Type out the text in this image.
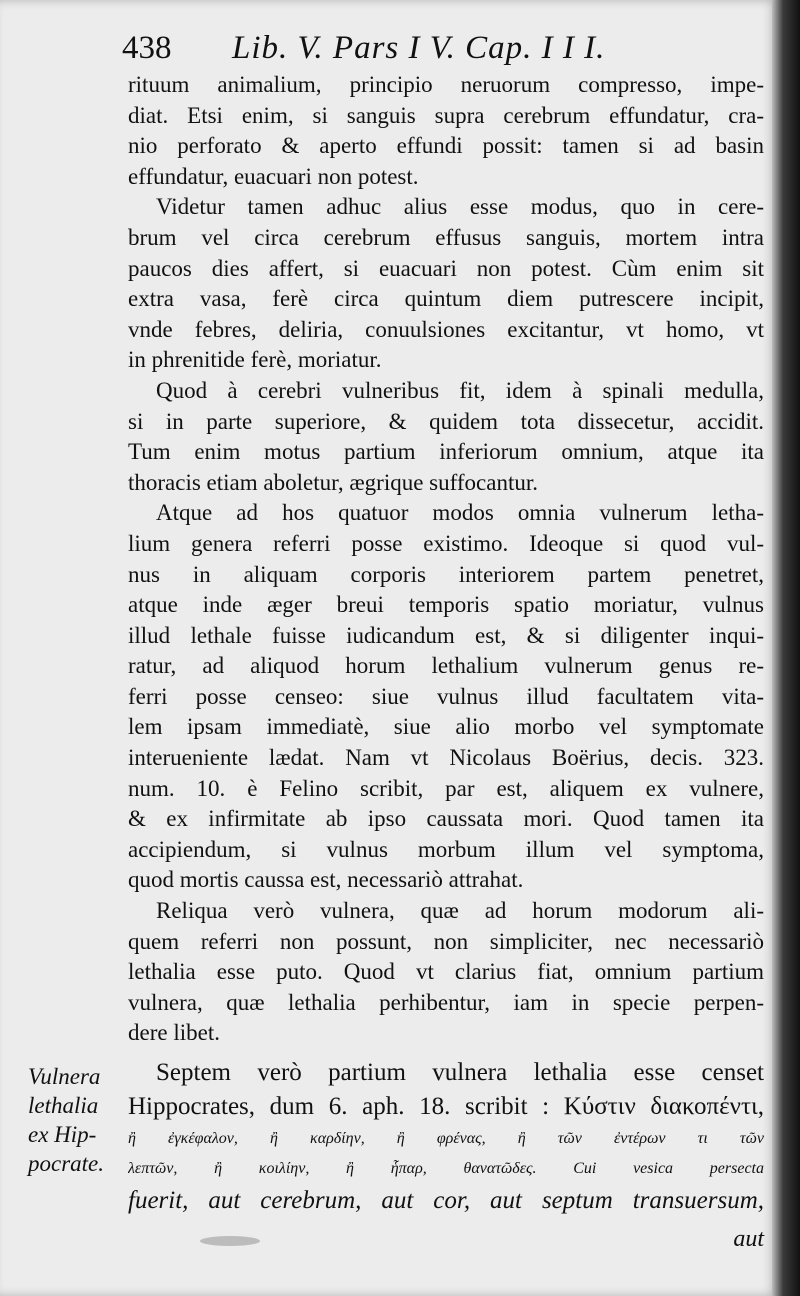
438 Lib. V. Pars I V. Cap. I I I.
rituum animalium, principio neruorum compresso, impe-
diat. Etsi enim, si sanguis supra cerebrum effundatur, cra-
nio perforato & aperto effundi possit: tamen si ad basin
effundatur, euacuari non potest.
Videtur tamen adhuc alius esse modus, quo in cere-
brum vel circa cerebrum effusus sanguis, mortem intra
paucos dies affert, si euacuari non potest. Cùm enim sit
extra vasa, ferè circa quintum diem putrescere incipit,
vnde febres, deliria, conuulsiones excitantur, vt homo, vt
in phrenitide ferè, moriatur.
Quod à cerebri vulneribus fit, idem à spinali medulla,
si in parte superiore, & quidem tota dissecetur, accidit.
Tum enim motus partium inferiorum omnium, atque ita
thoracis etiam aboletur, ægrique suffocantur.
Atque ad hos quatuor modos omnia vulnerum letha-
lium genera referri posse existimo. Ideoque si quod vul-
nus in aliquam corporis interiorem partem penetret,
atque inde æger breui temporis spatio moriatur, vulnus
illud lethale fuisse iudicandum est, & si diligenter inqui-
ratur, ad aliquod horum lethalium vulnerum genus re-
ferri posse censeo: siue vulnus illud facultatem vita-
lem ipsam immediatè, siue alio morbo vel symptomate
interueniente lædat. Nam vt Nicolaus Boërius, decis. 323.
num. 10. è Felino scribit, par est, aliquem ex vulnere,
& ex infirmitate ab ipso caussata mori. Quod tamen ita
accipiendum, si vulnus morbum illum vel symptoma,
quod mortis caussa est, necessariò attrahat.
Reliqua verò vulnera, quæ ad horum modorum ali-
quem referri non possunt, non simpliciter, nec necessariò
lethalia esse puto. Quod vt clarius fiat, omnium partium
vulnera, quæ lethalia perhibentur, iam in specie perpen-
dere libet.
Vulnera
lethalia
ex Hip-
pocrate.
Septem verò partium vulnera lethalia esse censet
Hippocrates, dum 6. aph. 18. scribit : Κύστιν διακοπέντι,
ἢ ἐγκέφαλον, ἢ καρδίην, ἢ φρένας, ἢ τῶν ἐντέρων τι τῶν
λεπτῶν, ἢ κοιλίην, ἢ ἧπαρ, θανατῶδες. Cui vesica persecta
fuerit, aut cerebrum, aut cor, aut septum transuersum,
aut
